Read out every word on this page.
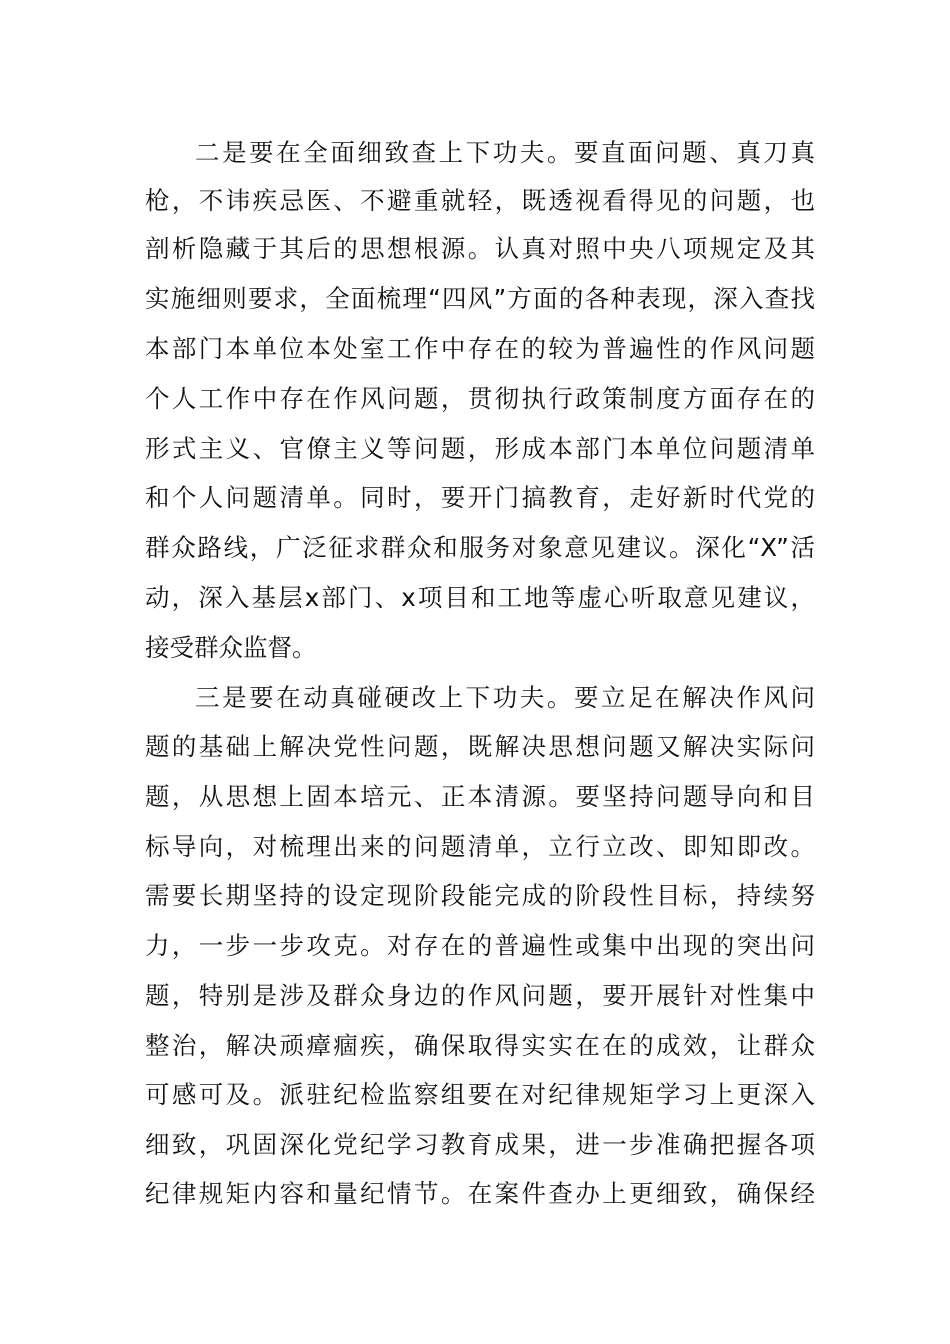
二是要在全面细致查上下功夫。要直面问题、真刀真
枪，不讳疾忌医、不避重就轻，既透视看得见的问题，也
剖析隐藏于其后的思想根源。认真对照中央八项规定及其
实施细则要求，全面梳理“四风”方面的各种表现，深入查找
本部门本单位本处室工作中存在的较为普遍性的作风问题
个人工作中存在作风问题，贯彻执行政策制度方面存在的
形式主义、官僚主义等问题，形成本部门本单位问题清单
和个人问题清单。同时，要开门搞教育，走好新时代党的
群众路线，广泛征求群众和服务对象意见建议。深化“X”活
动，深入基层x部门、x项目和工地等虚心听取意见建议，
接受群众监督。
三是要在动真碰硬改上下功夫。要立足在解决作风问
题的基础上解决党性问题，既解决思想问题又解决实际问
题，从思想上固本培元、正本清源。要坚持问题导向和目
标导向，对梳理出来的问题清单，立行立改、即知即改。
需要长期坚持的设定现阶段能完成的阶段性目标，持续努
力，一步一步攻克。对存在的普遍性或集中出现的突出问
题，特别是涉及群众身边的作风问题，要开展针对性集中
整治，解决顽瘴痼疾，确保取得实实在在的成效，让群众
可感可及。派驻纪检监察组要在对纪律规矩学习上更深入
细致，巩固深化党纪学习教育成果，进一步准确把握各项
纪律规矩内容和量纪情节。在案件查办上更细致，确保经
